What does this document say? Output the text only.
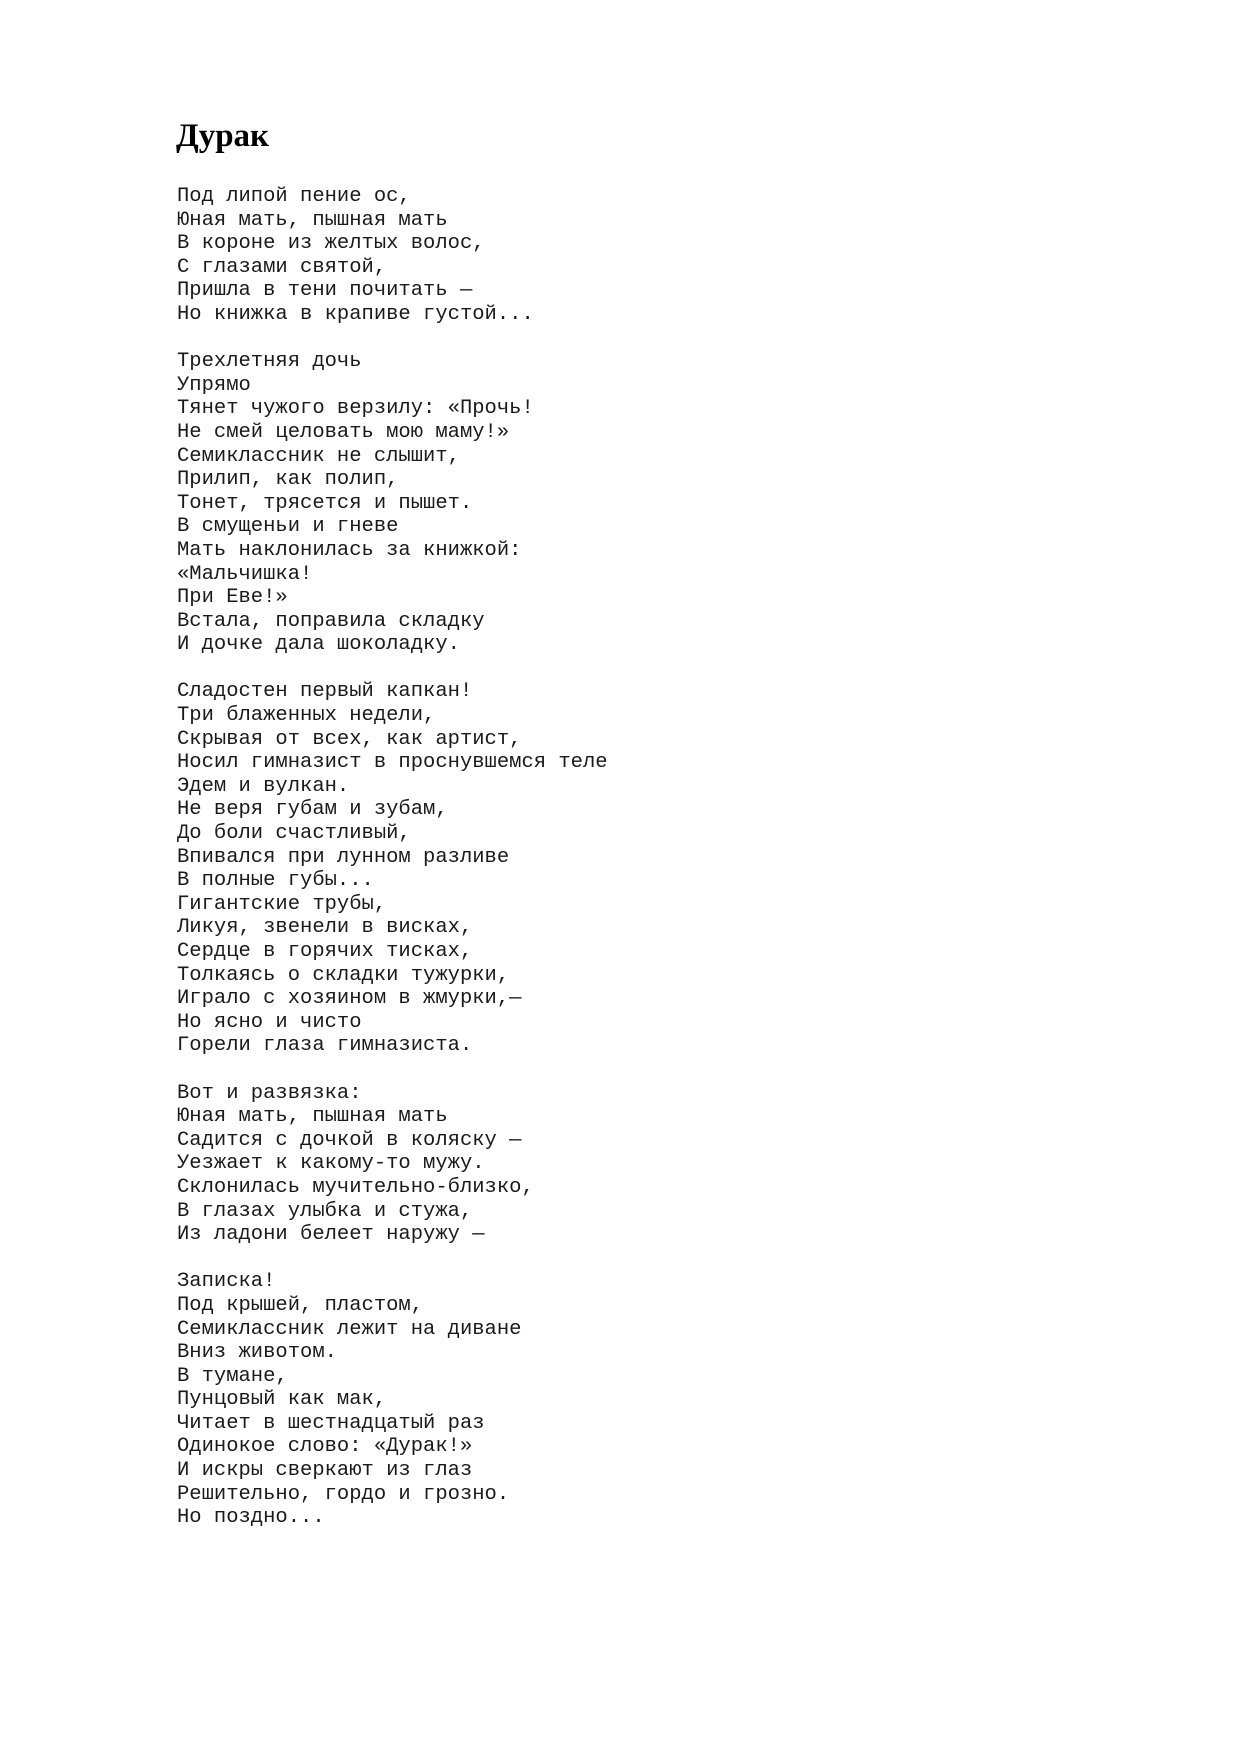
Дурак
Под липой пение ос,
Юная мать, пышная мать
В короне из желтых волос,
С глазами святой,
Пришла в тени почитать —
Но книжка в крапиве густой...
Трехлетняя дочь
Упрямо
Тянет чужого верзилу: «Прочь!
Не смей целовать мою маму!»
Семиклассник не слышит,
Прилип, как полип,
Тонет, трясется и пышет.
В смущеньи и гневе
Мать наклонилась за книжкой:
«Мальчишка!
При Еве!»
Встала, поправила складку
И дочке дала шоколадку.
Сладостен первый капкан!
Три блаженных недели,
Скрывая от всех, как артист,
Носил гимназист в проснувшемся теле
Эдем и вулкан.
Не веря губам и зубам,
До боли счастливый,
Впивался при лунном разливе
В полные губы...
Гигантские трубы,
Ликуя, звенели в висках,
Сердце в горячих тисках,
Толкаясь о складки тужурки,
Играло с хозяином в жмурки,—
Но ясно и чисто
Горели глаза гимназиста.
Вот и развязка:
Юная мать, пышная мать
Садится с дочкой в коляску —
Уезжает к какому-то мужу.
Склонилась мучительно-близко,
В глазах улыбка и стужа,
Из ладони белеет наружу —
Записка!
Под крышей, пластом,
Семиклассник лежит на диване
Вниз животом.
В тумане,
Пунцовый как мак,
Читает в шестнадцатый раз
Одинокое слово: «Дурак!»
И искры сверкают из глаз
Решительно, гордо и грозно.
Но поздно...
